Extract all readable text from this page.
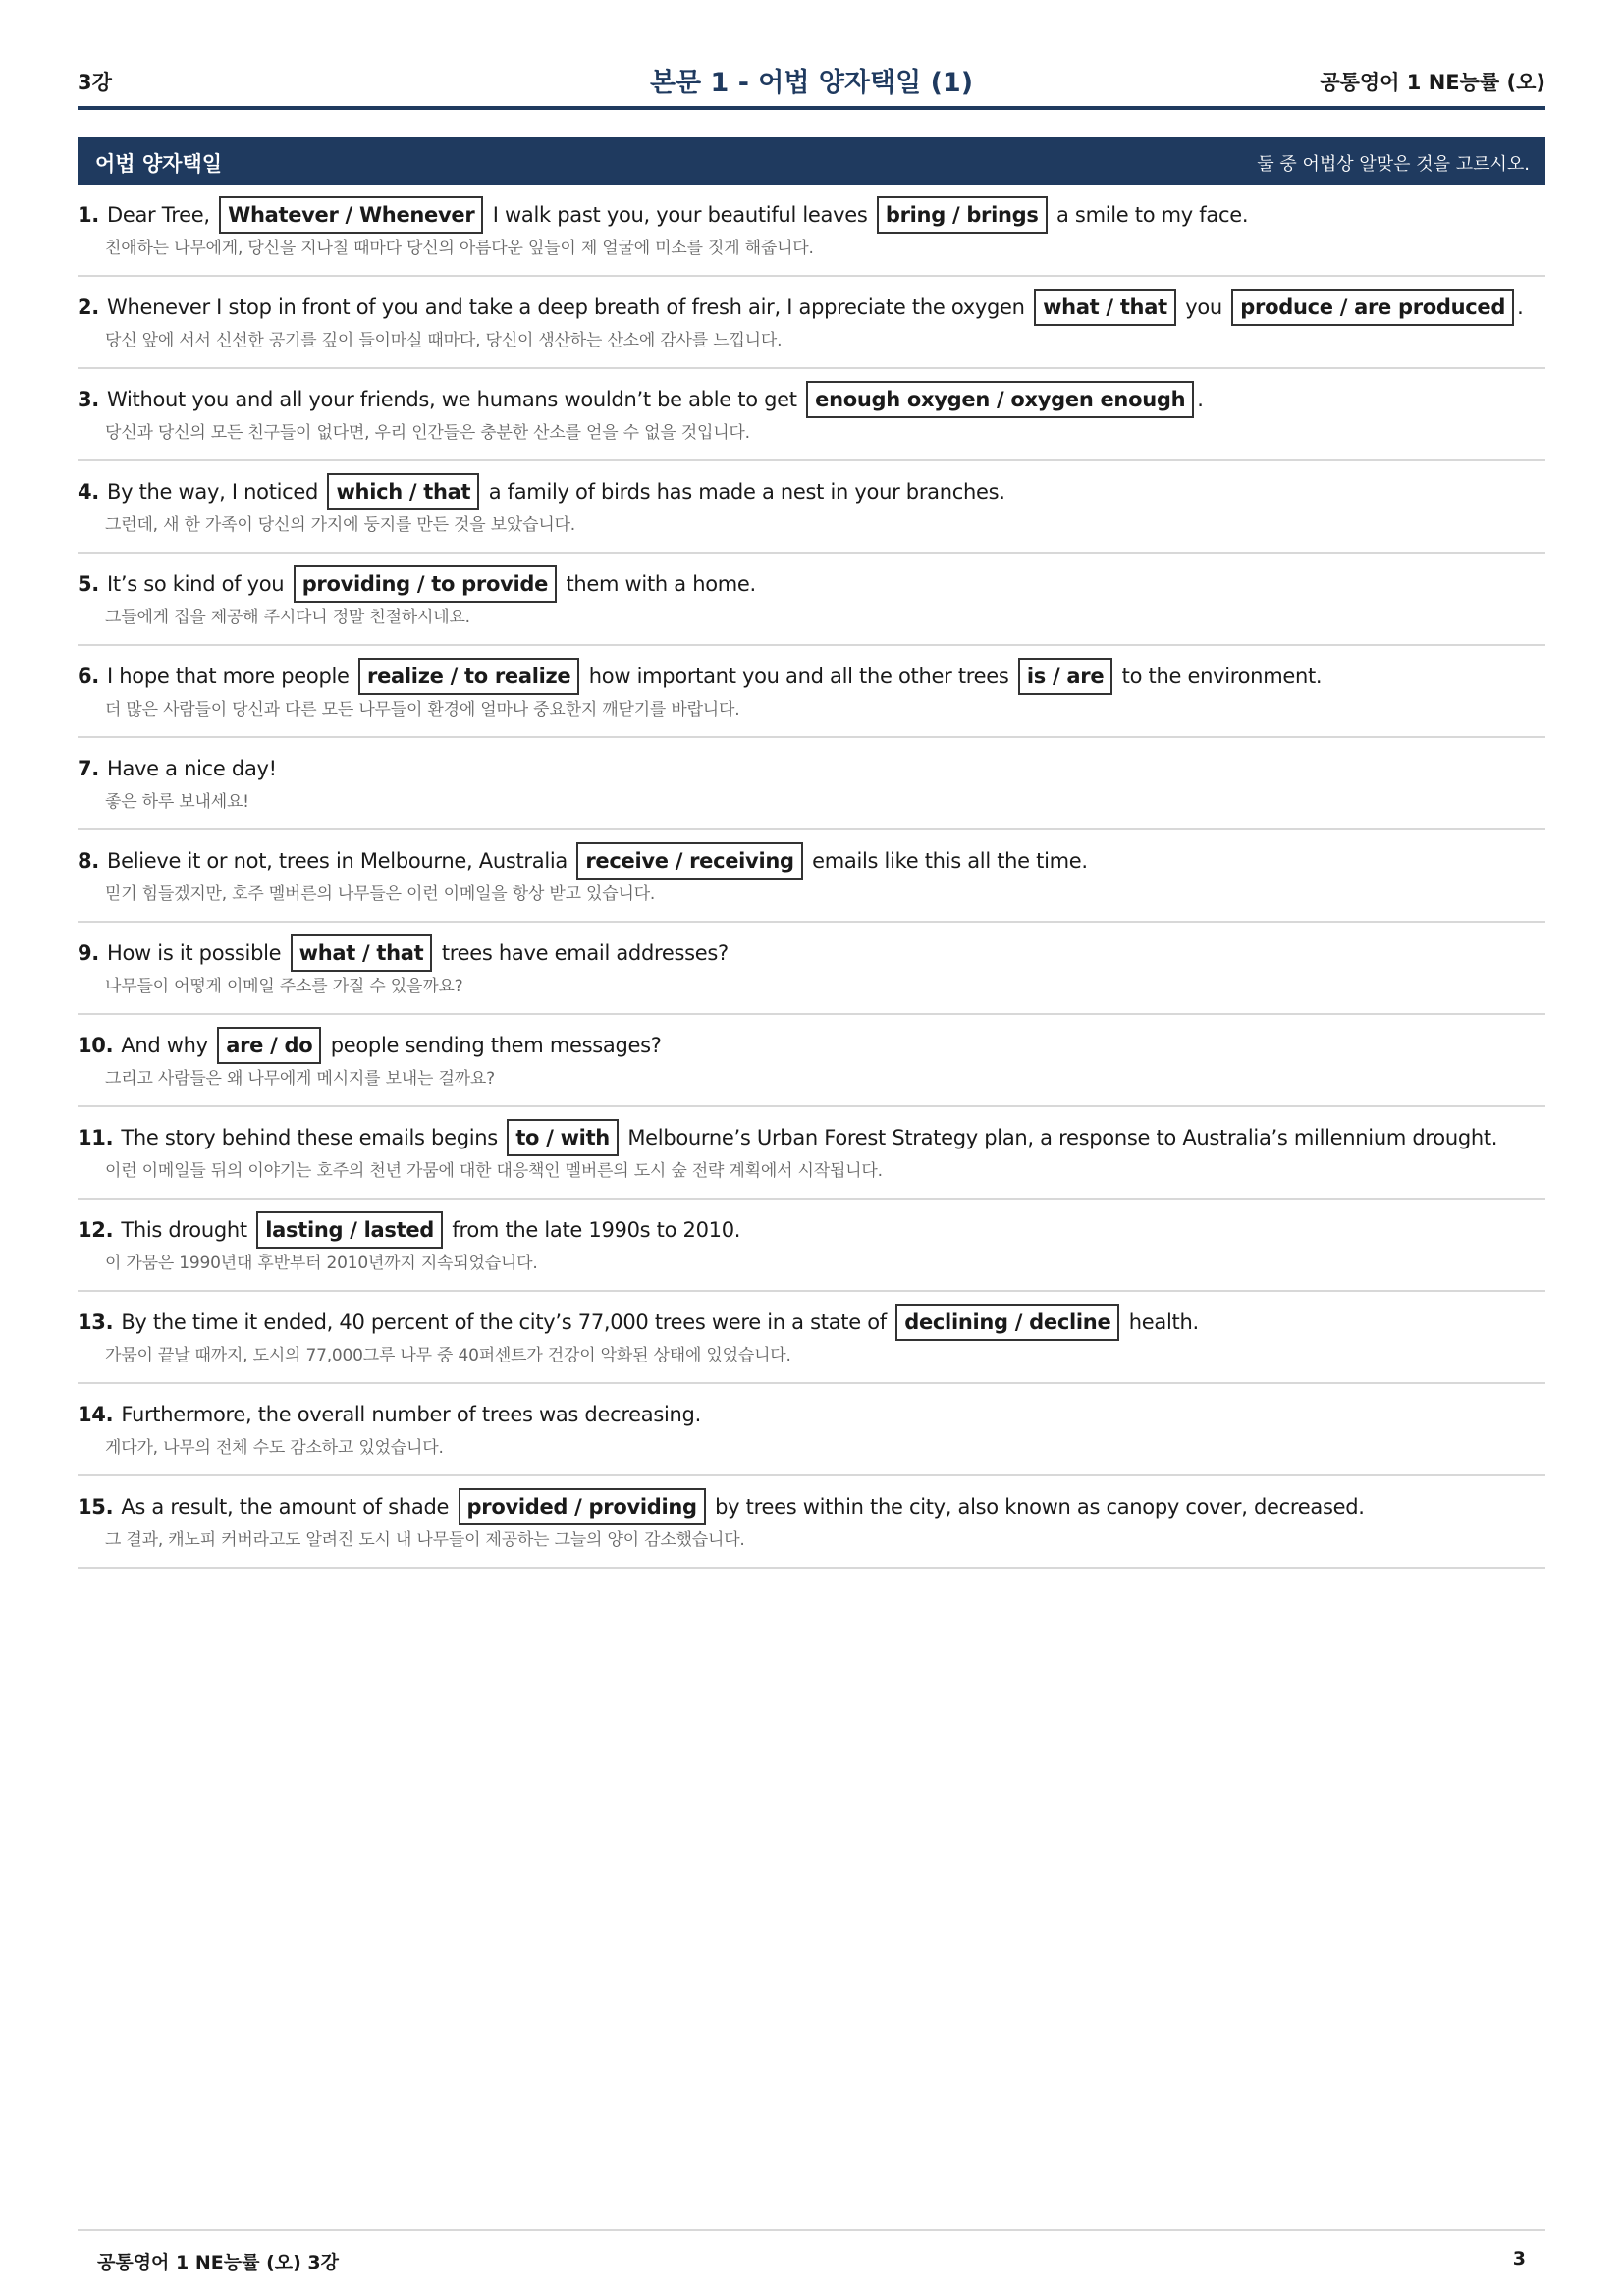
3강	본문 1 - 어법 양자택일 (1)	공통영어 1 NE능률 (오)
어법 양자택일	둘 중 어법상 알맞은 것을 고르시오.
1. Dear Tree, Whatever / Whenever I walk past you, your beautiful leaves bring / brings a smile to my face.
친애하는 나무에게, 당신을 지나칠 때마다 당신의 아름다운 잎들이 제 얼굴에 미소를 짓게 해줍니다.
2. Whenever I stop in front of you and take a deep breath of fresh air, I appreciate the oxygen what / that you produce / are produced .
당신 앞에 서서 신선한 공기를 깊이 들이마실 때마다, 당신이 생산하는 산소에 감사를 느낍니다.
3. Without you and all your friends, we humans wouldn’t be able to get enough oxygen / oxygen enough .
당신과 당신의 모든 친구들이 없다면, 우리 인간들은 충분한 산소를 얻을 수 없을 것입니다.
4. By the way, I noticed which / that a family of birds has made a nest in your branches.
그런데, 새 한 가족이 당신의 가지에 둥지를 만든 것을 보았습니다.
5. It’s so kind of you providing / to provide them with a home.
그들에게 집을 제공해 주시다니 정말 친절하시네요.
6. I hope that more people realize / to realize how important you and all the other trees is / are to the environment.
더 많은 사람들이 당신과 다른 모든 나무들이 환경에 얼마나 중요한지 깨닫기를 바랍니다.
7. Have a nice day!
좋은 하루 보내세요!
8. Believe it or not, trees in Melbourne, Australia receive / receiving emails like this all the time.
믿기 힘들겠지만, 호주 멜버른의 나무들은 이런 이메일을 항상 받고 있습니다.
9. How is it possible what / that trees have email addresses?
나무들이 어떻게 이메일 주소를 가질 수 있을까요?
10. And why are / do people sending them messages?
그리고 사람들은 왜 나무에게 메시지를 보내는 걸까요?
11. The story behind these emails begins to / with Melbourne’s Urban Forest Strategy plan, a response to Australia’s millennium drought.
이런 이메일들 뒤의 이야기는 호주의 천년 가뭄에 대한 대응책인 멜버른의 도시 숲 전략 계획에서 시작됩니다.
12. This drought lasting / lasted from the late 1990s to 2010.
이 가뭄은 1990년대 후반부터 2010년까지 지속되었습니다.
13. By the time it ended, 40 percent of the city’s 77,000 trees were in a state of declining / decline health.
가뭄이 끝날 때까지, 도시의 77,000그루 나무 중 40퍼센트가 건강이 악화된 상태에 있었습니다.
14. Furthermore, the overall number of trees was decreasing.
게다가, 나무의 전체 수도 감소하고 있었습니다.
15. As a result, the amount of shade provided / providing by trees within the city, also known as canopy cover, decreased.
그 결과, 캐노피 커버라고도 알려진 도시 내 나무들이 제공하는 그늘의 양이 감소했습니다.
공통영어 1 NE능률 (오) 3강	3
